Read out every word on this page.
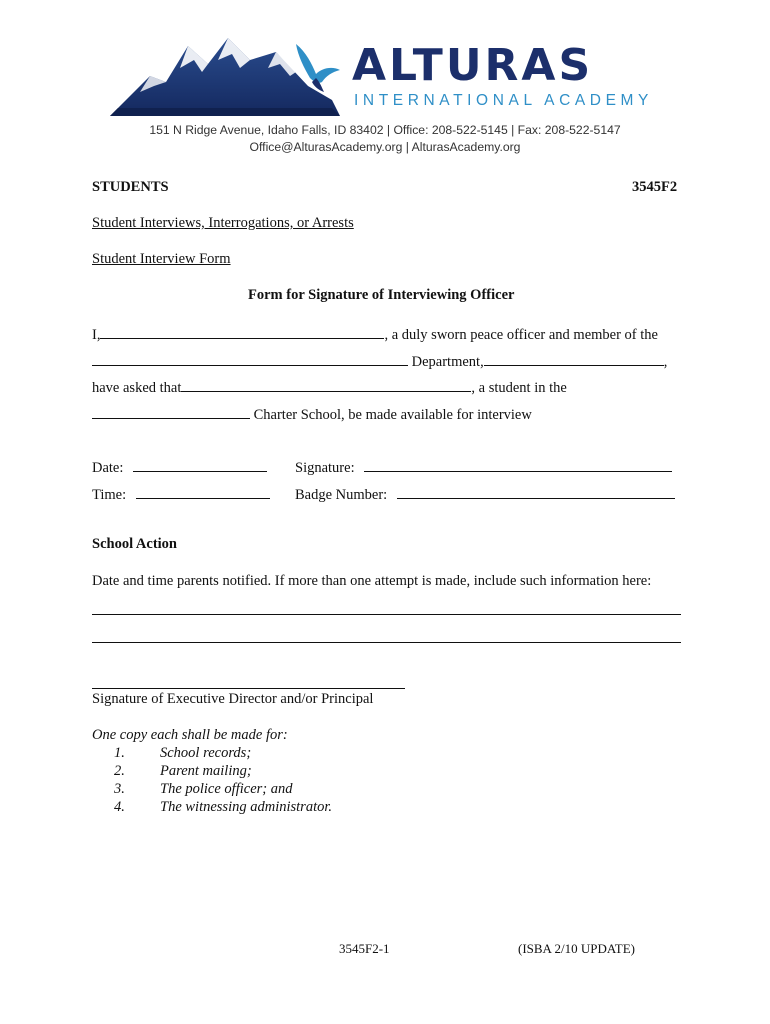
ALTURAS
INTERNATIONAL ACADEMY
151 N Ridge Avenue, Idaho Falls, ID 83402 | Office: 208-522-5145 | Fax: 208-522-5147
Office@AlturasAcademy.org | AlturasAcademy.org
STUDENTS	3545F2
Student Interviews, Interrogations, or Arrests
Student Interview Form
Form for Signature of Interviewing Officer
I,	, a duly sworn peace officer and member of the
Department,	,
have asked that	, a student in the
Charter School, be made available for interview
Date:	Signature:
Time:	Badge Number:
School Action
Date and time parents notified. If more than one attempt is made, include such information here:
Signature of Executive Director and/or Principal
One copy each shall be made for:
1. School records;
2. Parent mailing;
3. The police officer; and
4. The witnessing administrator.
3545F2-1	(ISBA 2/10 UPDATE)
